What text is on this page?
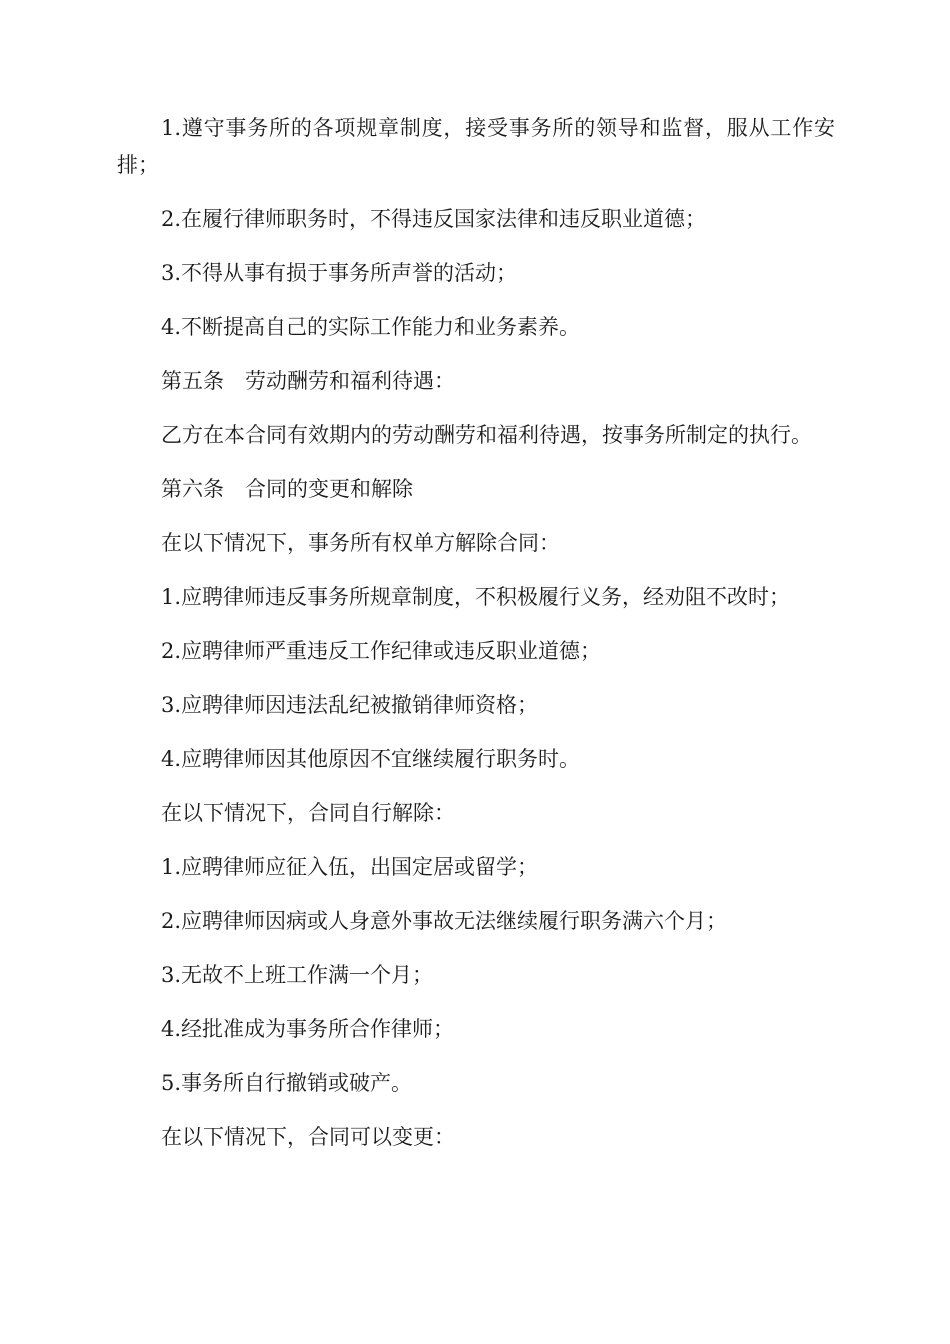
1.遵守事务所的各项规章制度，接受事务所的领导和监督，服从工作安排；

2.在履行律师职务时，不得违反国家法律和违反职业道德；

3.不得从事有损于事务所声誉的活动；

4.不断提高自己的实际工作能力和业务素养。

第五条　劳动酬劳和福利待遇：

乙方在本合同有效期内的劳动酬劳和福利待遇，按事务所制定的执行。

第六条　合同的变更和解除

在以下情况下，事务所有权单方解除合同：

1.应聘律师违反事务所规章制度，不积极履行义务，经劝阻不改时；

2.应聘律师严重违反工作纪律或违反职业道德；

3.应聘律师因违法乱纪被撤销律师资格；

4.应聘律师因其他原因不宜继续履行职务时。

在以下情况下，合同自行解除：

1.应聘律师应征入伍，出国定居或留学；

2.应聘律师因病或人身意外事故无法继续履行职务满六个月；

3.无故不上班工作满一个月；

4.经批准成为事务所合作律师；

5.事务所自行撤销或破产。

在以下情况下，合同可以变更：
